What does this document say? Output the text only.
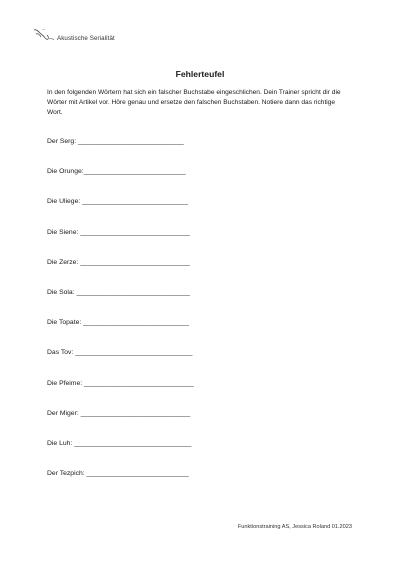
Akustische Serialität
Fehlerteufel
In den folgenden Wörtern hat sich ein falscher Buchstabe eingeschlichen. Dein Trainer spricht dir die Wörter mit Artikel vor. Höre genau und ersetze den falschen Buchstaben. Notiere dann das richtige Wort.
Der Serg: ____________________________
Die Orunge:___________________________
Die Uliege: ____________________________
Die Siene: _____________________________
Die Zerze: _____________________________
Die Sola: ______________________________
Die Topate: ____________________________
Das Tov: _______________________________
Die Pfeime: _____________________________
Der Miger: _____________________________
Die Luh: _______________________________
Der Tezpich: ___________________________
Funktionstraining AS, Jessica Roland 01.2023
